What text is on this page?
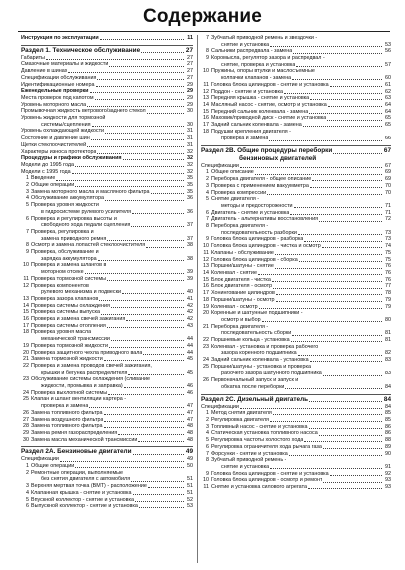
Содержание
Инструкция по эксплуатации	11
Раздел 1. Техническое обслуживание	27
Габариты	27
Смазочные материалы и жидкости	27
Давление в шинах	27
Спецификации обслуживания	27
Идентификационные номера	29
Еженедельные проверки	29
Места проверок под капотом	29
Уровень моторного масла	29
Промывочная жидкость ветрового/заднего стекол	30
Уровень жидкости для тормозной
системы/сцепления	30
Уровень охлаждающей жидкости	31
Состояние и давление шин	31
Щетки стеклоочистителей	31
Характеры износа протектора	32
Процедуры и графики обслуживания	32
Модели до 1995 года	32
Модели с 1995 года	32
1 Введение	35
2 Общие операции	35
3 Замена моторного масла и масляного фильтра	35
4 Обслуживание аккумулятора	36
5 Проверка уровня жидкости
в гидросистеме рулевого усилителя	36
6 Проверка и регулировка высоты и
свободного хода педали сцепления	37
7 Проверка, регулировка и
замена приводного ремня	37
8 Осмотр и замена лопастей стеклоочистителя	38
9 Проверка, обслуживание и
зарядка аккумулятора	38
10 Проверка и замена шлангов в
моторном отсеке	39
11 Проверка тормозной системы	39
12 Проверка компонентов
рулевого механизма и подвески	40
13 Проверка зазора клапанов	41
14 Проверка системы охлаждения	42
15 Проверка системы выпуска	42
16 Проверка и замена свечей зажигания	42
17 Проверка системы отопления	43
18 Проверка уровня масла
механической трансмиссии	44
19 Проверка тормозной жидкости	44
20 Проверка защитного чехла приводного вала	44
21 Замена тормозной жидкости	45
22 Проверка и замена проводов свечей зажигания,
крышки и бегунка распределителя	45
23 Обслуживание системы охлаждения (сливание
жидкости, промывка и заправка)	46
24 Проверка выхлопной системы	46
25 Клапан и шланг вентиляции картера -
проверка и замена	47
26 Замена топливного фильтра	47
27 Замена воздушного фильтра	47
28 Замена топливного фильтра	48
29 Замена ремня газораспределения	48
30 Замена масла механической трансмиссии	48
Раздел 2А. Бензиновые двигатели	49
Спецификации	49
1 Общие операции	50
2 Ремонтные операции, выполняемые
без снятия двигателя с автомобиля	51
3 Верхняя мертвая точка (ВМТ) - расположение	51
4 Клапанная крышка - снятие и установка	51
5 Впускной коллектор - снятие и установка	52
6 Выпускной коллектор - снятие и установка	53
7 Зубчатый приводной ремень и звездочки -
снятие и установка	53
8 Сальники распредвала - замена	56
9 Коромысла, регулятор зазора и распредвал -
снятие, проверка и установка	57
10 Пружины, опоры втулки и маслосъемные
колпачки клапанов - замена	60
11 Головка блока цилиндров - снятие и установка	61
12 Поддон - снятие и установка	62
13 Передняя крышка - снятие и установка	63
14 Масляный насос - снятие, осмотр и установка	64
15 Передний сальник коленвала - замена	64
16 Маховик/приводной диск - снятие и установка	65
17 Задний сальник коленвала - замена	65
18 Подушки крепления двигателя -
проверка и замена	66
Раздел 2В. Общие процедуры переборки	67
бензиновых двигателей
Спецификации	67
1 Общее описание	69
2 Переборка двигателя - общее описание	69
3 Проверка с применением вакуумметра	70
4 Проверка компрессии	70
5 Снятие двигателя -
методы и предосторожности	71
6 Двигатель - снятие и установка	71
7 Двигатель - альтернативы восстановления	72
8 Переборка двигателя -
последовательность разборки	73
9 Головка блока цилиндров - разборка	73
10 Головка блока цилиндров - чистка и осмотр	74
11 Клапаны - обслуживание	75
12 Головка блока цилиндров - сборка	75
13 Поршни/шатуны - снятие	76
14 Коленвал - снятие	76
15 Блок двигателя - чистка	76
16 Блок двигателя - осмотр	77
17 Хонингование цилиндров	78
18 Поршни/шатуны - осмотр	79
19 Коленвал - осмотр	79
20 Коренные и шатунные подшипники -
осмотр и выбор	80
21 Переборка двигателя -
последовательность сборки	81
22 Поршневые кольца - установка	81
23 Коленвал - установка и проверка рабочего
зазора коренного подшипника	82
24 Задний сальник коленвала - установка	83
25 Поршни/шатуны - установка и проверка
рабочего зазора шатунного подшипника	83
26 Первоначальный запуск и запуск и
обкатка после переборки	84
Раздел 2С. Дизельный двигатель	84
Спецификации	84
1 Метод снятия двигателя	85
2 Регулировка двигателя	85
3 Топливный насос - снятие и установка	86
4 Статическая установка топливного насоса	86
5 Регулировка частоты холостого хода	88
6 Регулировка ограничителя хода рычага газа	89
7 Форсунки - снятие и установка	90
8 Зубчатый приводной ремень -
снятие и установка	91
9 Головка блока цилиндров - снятие и установка	92
10 Головка блока цилиндров - осмотр и ремонт	93
11 Снятие и установка силового агрегата	93
